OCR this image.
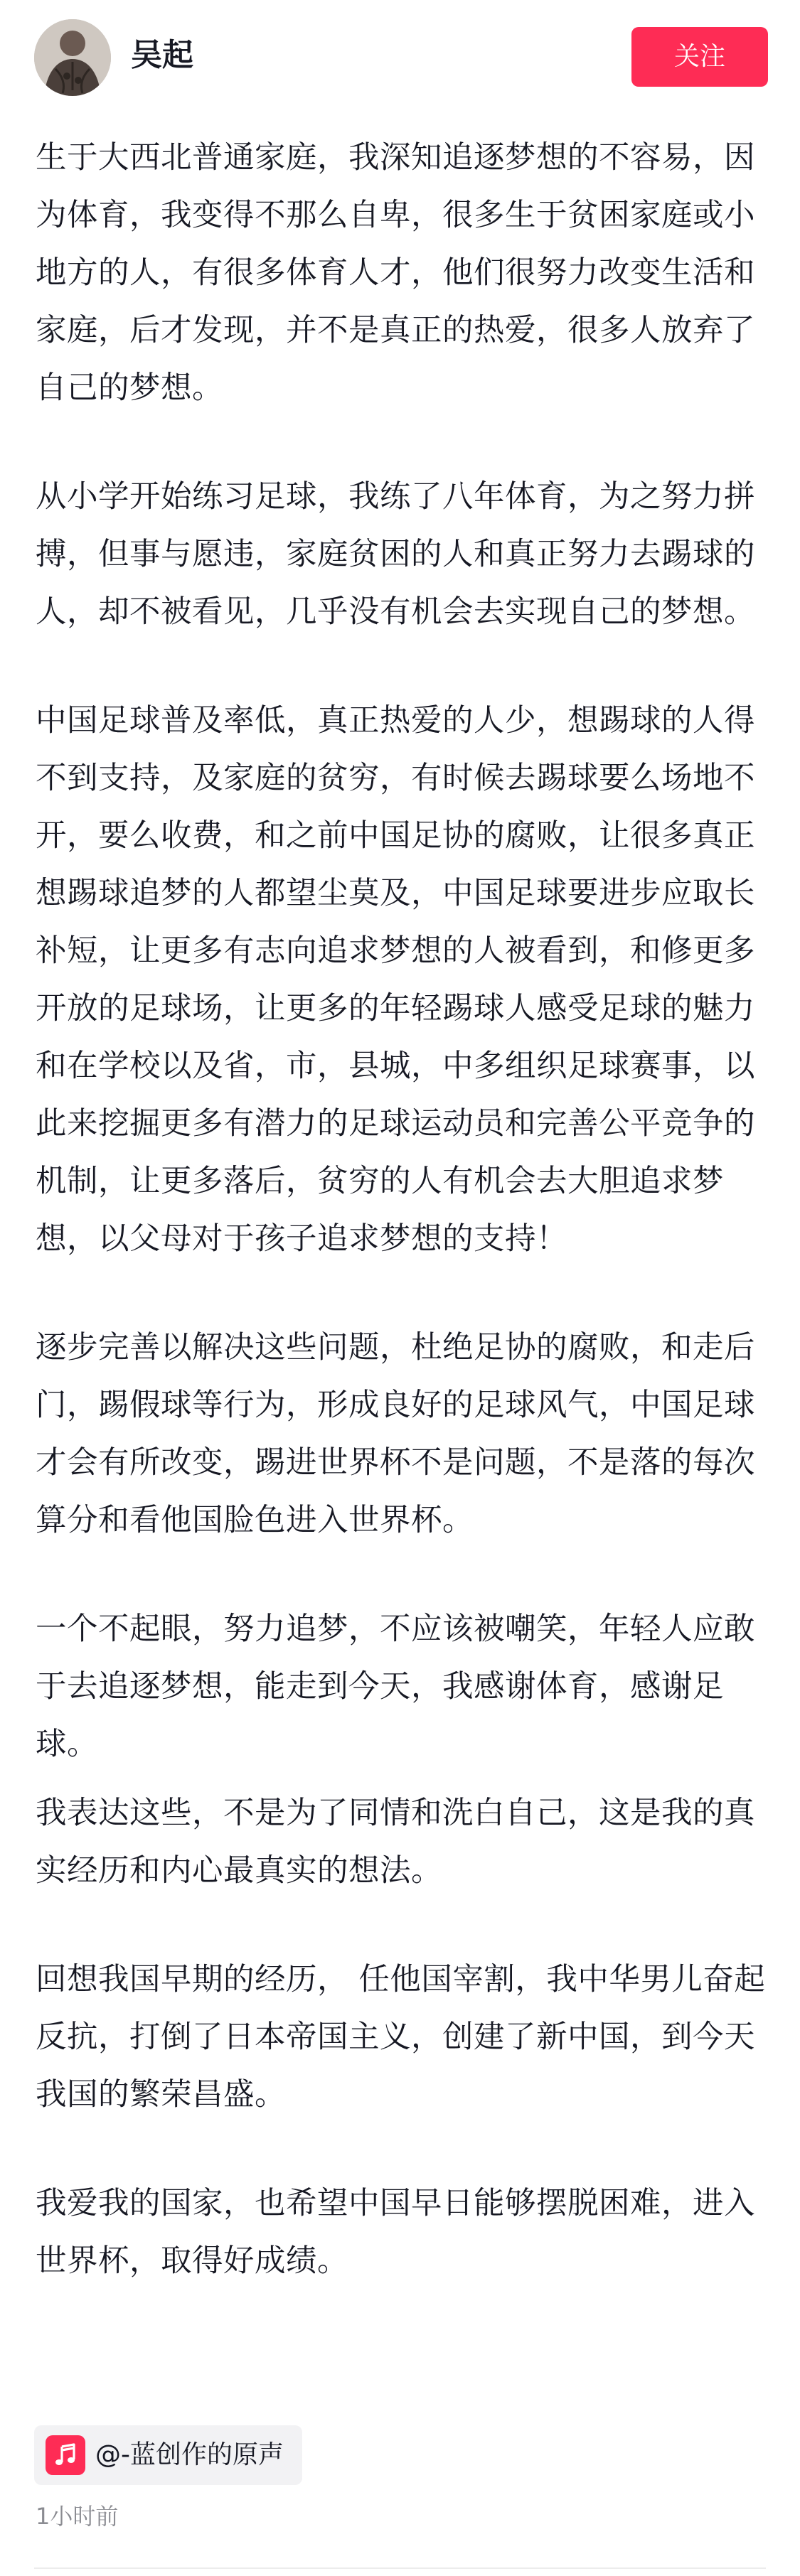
吴起	关注

生于大西北普通家庭，我深知追逐梦想的不容易，因为体育，我变得不那么自卑，很多生于贫困家庭或小地方的人，有很多体育人才，他们很努力改变生活和家庭，后才发现，并不是真正的热爱，很多人放弃了自己的梦想。

从小学开始练习足球，我练了八年体育，为之努力拼搏，但事与愿违，家庭贫困的人和真正努力去踢球的人，却不被看见，几乎没有机会去实现自己的梦想。

中国足球普及率低，真正热爱的人少，想踢球的人得不到支持，及家庭的贫穷，有时候去踢球要么场地不开，要么收费，和之前中国足协的腐败，让很多真正想踢球追梦的人都望尘莫及，中国足球要进步应取长补短，让更多有志向追求梦想的人被看到，和修更多开放的足球场，让更多的年轻踢球人感受足球的魅力和在学校以及省，市，县城，中多组织足球赛事，以此来挖掘更多有潜力的足球运动员和完善公平竞争的机制，让更多落后，贫穷的人有机会去大胆追求梦想，以父母对于孩子追求梦想的支持！

逐步完善以解决这些问题，杜绝足协的腐败，和走后门，踢假球等行为，形成良好的足球风气，中国足球才会有所改变，踢进世界杯不是问题，不是落的每次算分和看他国脸色进入世界杯。

一个不起眼，努力追梦，不应该被嘲笑，年轻人应敢于去追逐梦想，能走到今天，我感谢体育，感谢足球。

我表达这些，不是为了同情和洗白自己，这是我的真实经历和内心最真实的想法。

回想我国早期的经历， 任他国宰割，我中华男儿奋起反抗，打倒了日本帝国主义，创建了新中国，到今天我国的繁荣昌盛。

我爱我的国家，也希望中国早日能够摆脱困难，进入世界杯，取得好成绩。

@-蓝创作的原声
1小时前
